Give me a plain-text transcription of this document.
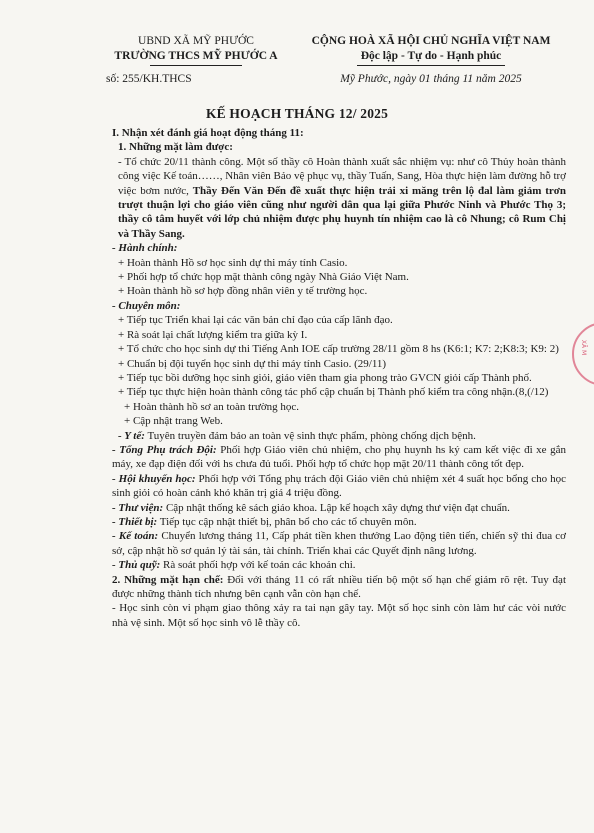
UBND XÃ MỸ PHƯỚC
TRƯỜNG THCS MỸ PHƯỚC A
số: 255/KH.THCS
CỘNG HOÀ XÃ HỘI CHỦ NGHĨA VIỆT NAM
Độc lập - Tự do - Hạnh phúc
Mỹ Phước, ngày 01 tháng 11 năm 2025
KẾ HOẠCH THÁNG 12/ 2025

I. Nhận xét đánh giá hoạt động tháng 11:

1. Những mặt làm được:

- Tổ chức 20/11 thành công. Một số thầy cô Hoàn thành xuất sắc nhiệm vụ: như cô Thủy hoàn thành công việc Kế toán……, Nhân viên Bảo vệ phục vụ, thầy Tuấn, Sang, Hòa thực hiện làm đường hỗ trợ việc bơm nước, Thầy Đến Văn Đến đề xuất thực hiện trải xi măng trên lộ đal làm giảm trơn trượt thuận lợi cho giáo viên cũng như người dân qua lại giữa Phước Ninh và Phước Thọ 3; thầy cô tâm huyết với lớp chủ nhiệm được phụ huynh tín nhiệm cao là cô Nhung; cô Rum Chị và Thầy Sang.

- Hành chính:

+ Hoàn thành Hồ sơ học sinh dự thi máy tính Casio.

+ Phối hợp tổ chức họp mặt thành công ngày Nhà Giáo Việt Nam.

+ Hoàn thành hồ sơ hợp đồng nhân viên y tế trường học.

- Chuyên môn:

+ Tiếp tục Triển khai lại các văn bản chỉ đạo của cấp lãnh đạo.

+ Rà soát lại chất lượng kiểm tra giữa kỳ I.

+ Tổ chức cho học sinh dự thi Tiếng Anh IOE cấp trường 28/11 gồm 8 hs (K6:1; K7: 2;K8:3; K9: 2)

+ Chuẩn bị đội tuyển học sinh dự thi máy tính Casio. (29/11)

+ Tiếp tục bồi dưỡng học sinh giỏi, giáo viên tham gia phong trào GVCN giỏi cấp Thành phố.

+ Tiếp tục thực hiện hoàn thành công tác phổ cập chuẩn bị Thành phố kiểm tra công nhận.(8,(/12)

+ Hoàn thành hồ sơ an toàn trường học.

+ Cập nhật trang Web.

- Y tế: Tuyên truyền đảm bảo an toàn vệ sinh thực phẩm, phòng chống dịch bệnh.

- Tổng Phụ trách Đội: Phối hợp Giáo viên chủ nhiệm, cho phụ huynh hs ký cam kết việc đi xe gắn máy, xe đạp điện đối với hs chưa đủ tuổi. Phối hợp tổ chức họp mặt 20/11 thành công tốt đẹp.

- Hội khuyến học: Phối hợp với Tổng phụ trách đội Giáo viên chủ nhiệm xét 4 suất học bổng cho học sinh giỏi có hoàn cảnh khó khăn trị giá 4 triệu đồng.

- Thư viện: Cập nhật thống kê sách giáo khoa. Lập kế hoạch xây dựng thư viện đạt chuẩn.

- Thiết bị: Tiếp tục cập nhật thiết bị, phân bổ cho các tổ chuyên môn.

- Kế toán: Chuyển lương tháng 11, Cấp phát tiền khen thưởng Lao động tiên tiến, chiến sỹ thi đua cơ sở, cập nhật hồ sơ quản lý tài sản, tài chính. Triển khai các Quyết định nâng lương.

- Thủ quỹ: Rà soát phối hợp với kế toán các khoản chi.

2. Những mặt hạn chế: Đối với tháng 11 có rất nhiều tiến bộ một số hạn chế giảm rõ rệt. Tuy đạt được những thành tích nhưng bên cạnh vẫn còn hạn chế.

- Học sinh còn vi phạm giao thông xảy ra tai nạn gây tay. Một số học sinh còn làm hư các vòi nước nhà vệ sinh. Một số học sinh vô lễ thầy cô.

XÃ M
